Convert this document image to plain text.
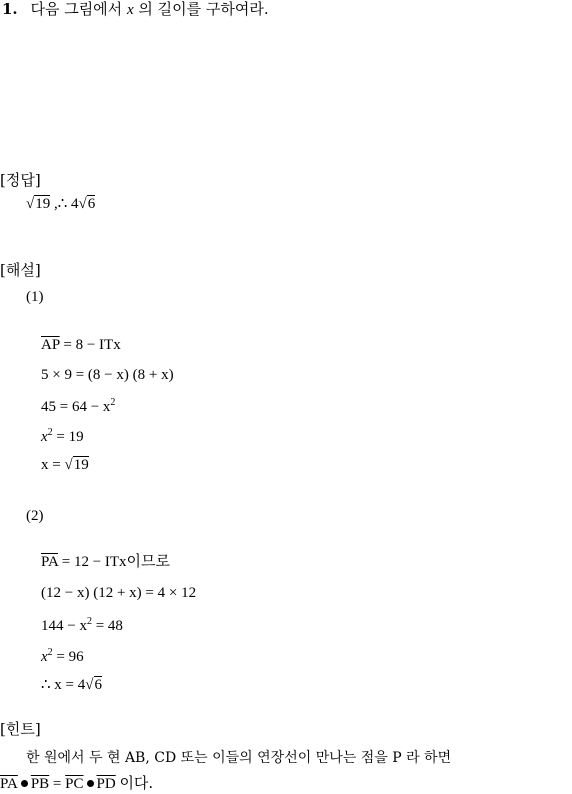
1. 다음 그림에서 x 의 길이를 구하여라.
[정답]
√19 ,∴ 4√6
[해설]
(1)
$\overline{AP} = 8$ − ITx
5 × 9 = (8 − x) (8 + x)
$45 = 64 - x^2$
$x^2 = 19$
x = √19
(2)
$\overline{PA} = 12$ − ITx이므로
(12 − x) (12 + x) = 4 × 12
$144 - x^2 = 48$
$x^2 = 96$
∴ x = 4√6
[힌트]
한 원에서 두 현 AB, CD 또는 이들의 연장선이 만나는 점을 P 라 하면
$\overline{PA}$ $\overline{PB} = \overline{PC}$ $\overline{PD}$ 이다.
